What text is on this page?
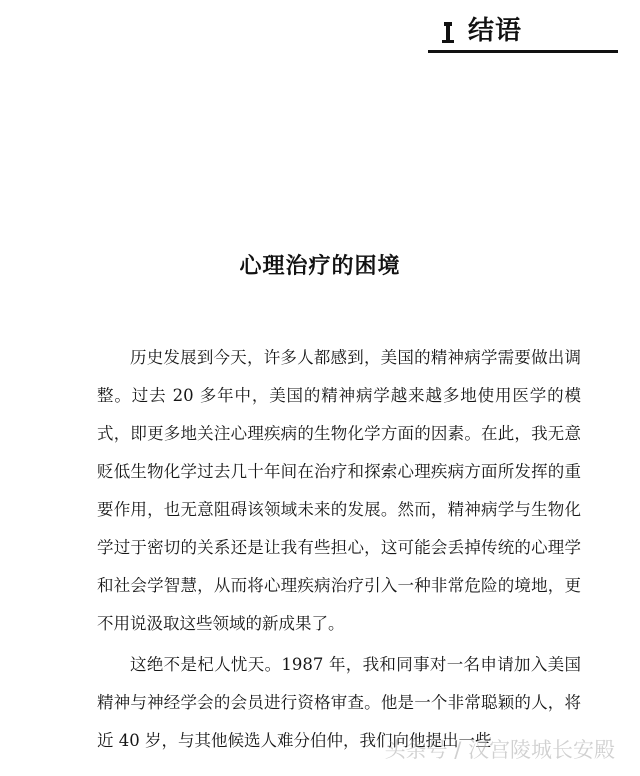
结语
心理治疗的困境

历史发展到今天，许多人都感到，美国的精神病学需要做出调整。过去 20 多年中，美国的精神病学越来越多地使用医学的模式，即更多地关注心理疾病的生物化学方面的因素。在此，我无意贬低生物化学过去几十年间在治疗和探索心理疾病方面所发挥的重要作用，也无意阻碍该领域未来的发展。然而，精神病学与生物化学过于密切的关系还是让我有些担心，这可能会丢掉传统的心理学和社会学智慧，从而将心理疾病治疗引入一种非常危险的境地，更不用说汲取这些领域的新成果了。

这绝不是杞人忧天。1987 年，我和同事对一名申请加入美国精神与神经学会的会员进行资格审查。他是一个非常聪颖的人，将近 40 岁，与其他候选人难分伯仲，我们向他提出一些

头条号 / 汉宫陵城长安殿
